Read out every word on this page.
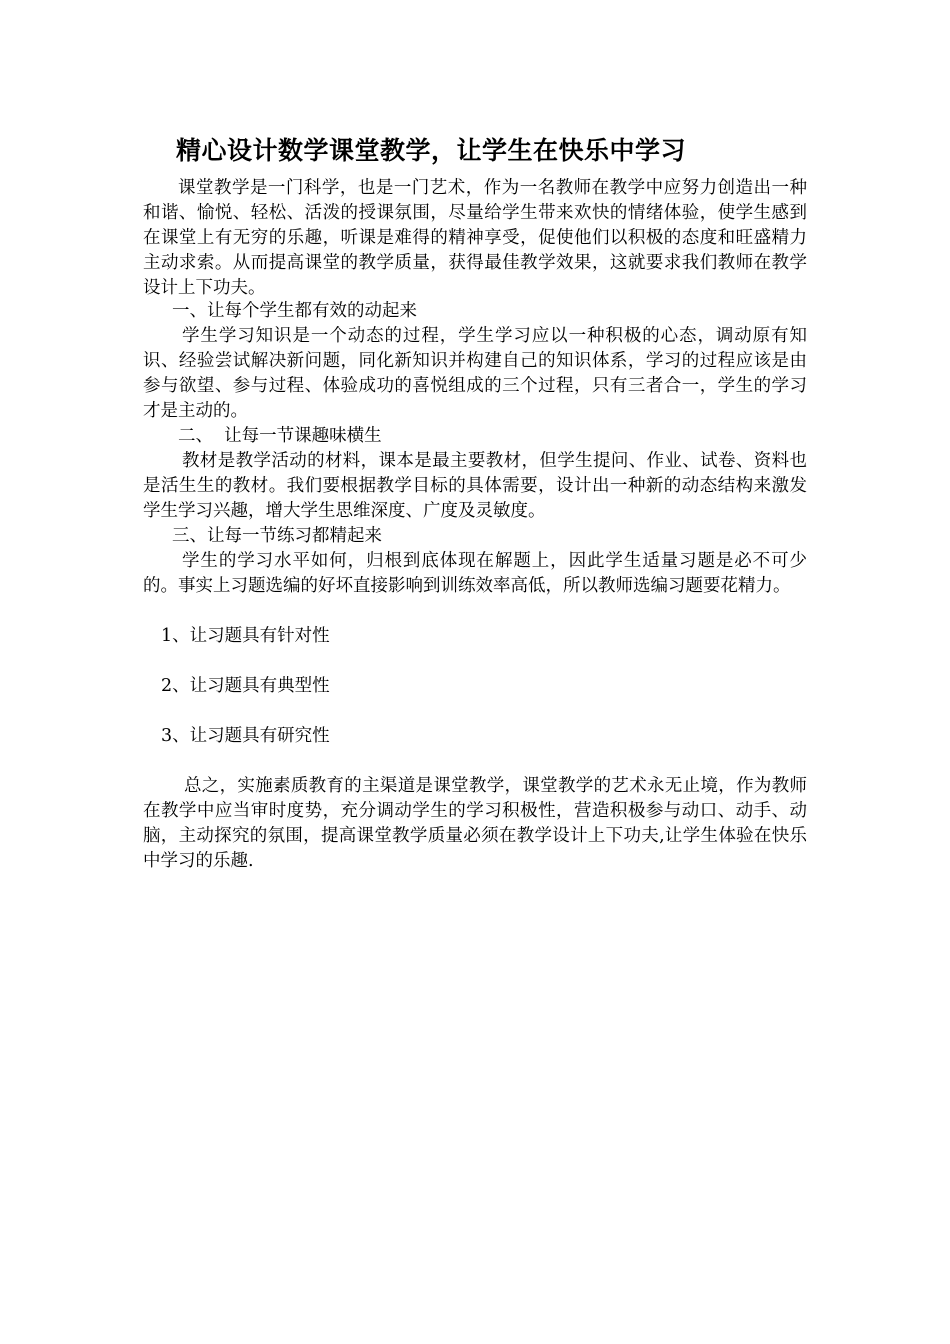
精心设计数学课堂教学，让学生在快乐中学习
课堂教学是一门科学，也是一门艺术，作为一名教师在教学中应努力创造出一种和谐、愉悦、轻松、活泼的授课氛围，尽量给学生带来欢快的情绪体验，使学生感到在课堂上有无穷的乐趣，听课是难得的精神享受，促使他们以积极的态度和旺盛精力主动求索。从而提高课堂的教学质量，获得最佳教学效果，这就要求我们教师在教学设计上下功夫。
一、让每个学生都有效的动起来
学生学习知识是一个动态的过程，学生学习应以一种积极的心态，调动原有知识、经验尝试解决新问题，同化新知识并构建自己的知识体系，学习的过程应该是由参与欲望、参与过程、体验成功的喜悦组成的三个过程，只有三者合一，学生的学习才是主动的。
二、  让每一节课趣味横生
教材是教学活动的材料，课本是最主要教材，但学生提问、作业、试卷、资料也是活生生的教材。我们要根据教学目标的具体需要，设计出一种新的动态结构来激发学生学习兴趣，增大学生思维深度、广度及灵敏度。
三、让每一节练习都精起来
学生的学习水平如何，归根到底体现在解题上，因此学生适量习题是必不可少的。事实上习题选编的好坏直接影响到训练效率高低，所以教师选编习题要花精力。
1、让习题具有针对性
2、让习题具有典型性
3、让习题具有研究性
总之，实施素质教育的主渠道是课堂教学，课堂教学的艺术永无止境，作为教师在教学中应当审时度势，充分调动学生的学习积极性，营造积极参与动口、动手、动脑，主动探究的氛围，提高课堂教学质量必须在教学设计上下功夫,让学生体验在快乐中学习的乐趣.
